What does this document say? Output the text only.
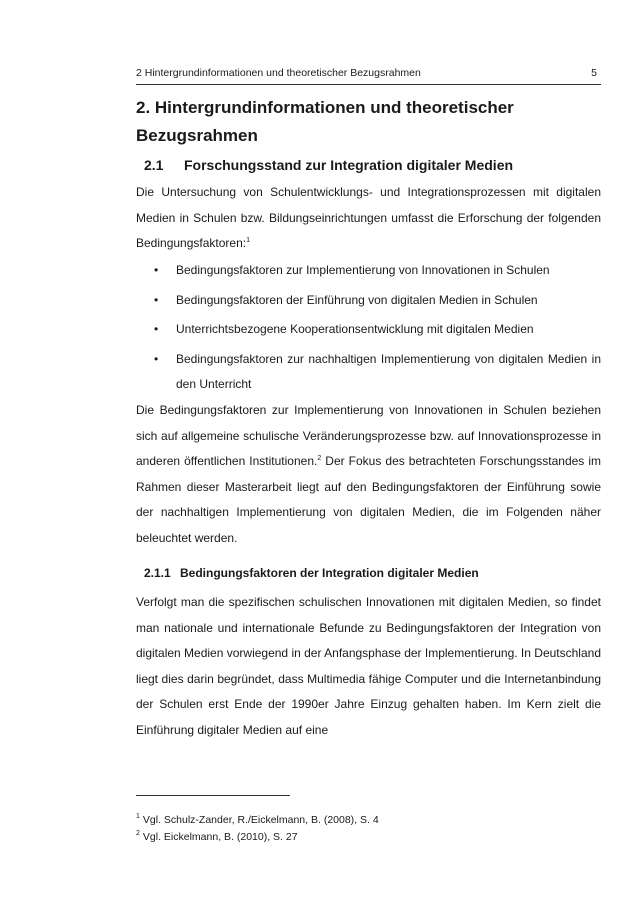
2 Hintergrundinformationen und theoretischer Bezugsrahmen	5
2. Hintergrundinformationen und theoretischer Bezugsrahmen
2.1 Forschungsstand zur Integration digitaler Medien

Die Untersuchung von Schulentwicklungs- und Integrationsprozessen mit digitalen Medien in Schulen bzw. Bildungseinrichtungen umfasst die Erforschung der folgenden Bedingungsfaktoren:$^1$

• Bedingungsfaktoren zur Implementierung von Innovationen in Schulen
• Bedingungsfaktoren der Einführung von digitalen Medien in Schulen
• Unterrichtsbezogene Kooperationsentwicklung mit digitalen Medien
• Bedingungsfaktoren zur nachhaltigen Implementierung von digitalen Medien in den Unterricht

Die Bedingungsfaktoren zur Implementierung von Innovationen in Schulen beziehen sich auf allgemeine schulische Veränderungsprozesse bzw. auf Innovationsprozesse in anderen öffentlichen Institutionen.$^2$ Der Fokus des betrachteten Forschungsstandes im Rahmen dieser Masterarbeit liegt auf den Bedingungsfaktoren der Einführung sowie der nachhaltigen Implementierung von digitalen Medien, die im Folgenden näher beleuchtet werden.

2.1.1 Bedingungsfaktoren der Integration digitaler Medien

Verfolgt man die spezifischen schulischen Innovationen mit digitalen Medien, so findet man nationale und internationale Befunde zu Bedingungsfaktoren der Integration von digitalen Medien vorwiegend in der Anfangsphase der Implementierung. In Deutschland liegt dies darin begründet, dass Multimedia fähige Computer und die Internetanbindung der Schulen erst Ende der 1990er Jahre Einzug gehalten haben. Im Kern zielt die Einführung digitaler Medien auf eine

$^1$ Vgl. Schulz-Zander, R./Eickelmann, B. (2008), S. 4
$^2$ Vgl. Eickelmann, B. (2010), S. 27
